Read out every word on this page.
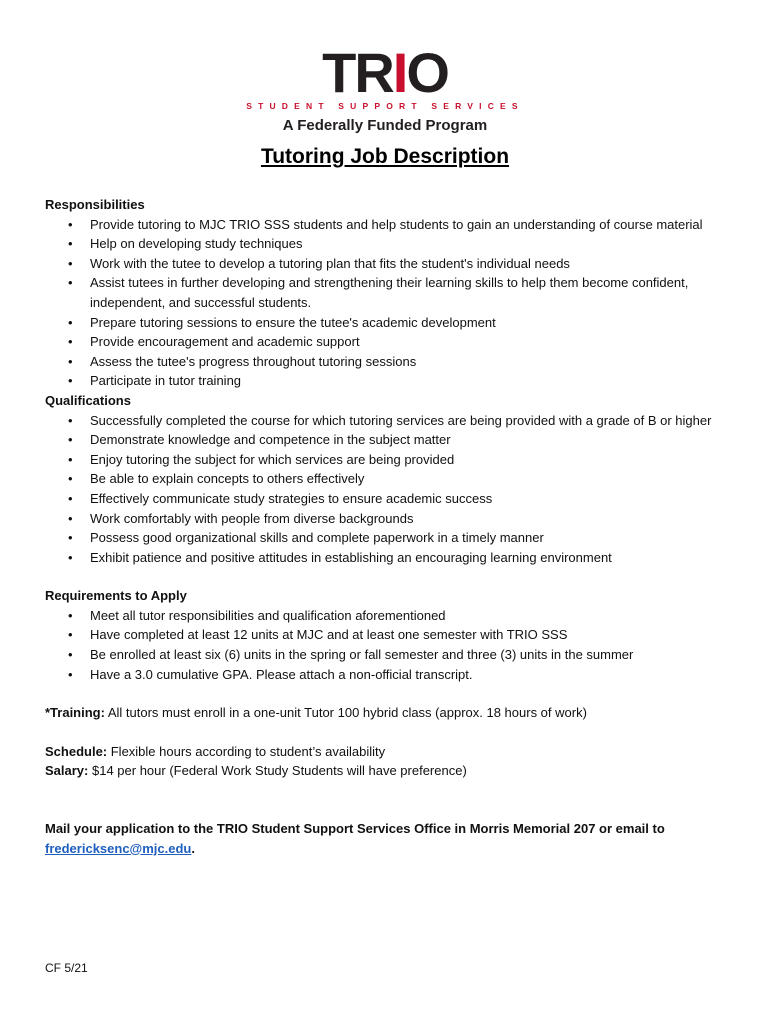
TRIO
STUDENT SUPPORT SERVICES
A Federally Funded Program
Tutoring Job Description
Responsibilities
• Provide tutoring to MJC TRIO SSS students and help students to gain an understanding of course material
• Help on developing study techniques
• Work with the tutee to develop a tutoring plan that fits the student's individual needs
• Assist tutees in further developing and strengthening their learning skills to help them become confident, independent, and successful students.
• Prepare tutoring sessions to ensure the tutee's academic development
• Provide encouragement and academic support
• Assess the tutee's progress throughout tutoring sessions
• Participate in tutor training
Qualifications
• Successfully completed the course for which tutoring services are being provided with a grade of B or higher
• Demonstrate knowledge and competence in the subject matter
• Enjoy tutoring the subject for which services are being provided
• Be able to explain concepts to others effectively
• Effectively communicate study strategies to ensure academic success
• Work comfortably with people from diverse backgrounds
• Possess good organizational skills and complete paperwork in a timely manner
• Exhibit patience and positive attitudes in establishing an encouraging learning environment
Requirements to Apply
• Meet all tutor responsibilities and qualification aforementioned
• Have completed at least 12 units at MJC and at least one semester with TRIO SSS
• Be enrolled at least six (6) units in the spring or fall semester and three (3) units in the summer
• Have a 3.0 cumulative GPA. Please attach a non-official transcript.

*Training: All tutors must enroll in a one-unit Tutor 100 hybrid class (approx. 18 hours of work)

Schedule: Flexible hours according to student’s availability

Salary: $14 per hour (Federal Work Study Students will have preference)

Mail your application to the TRIO Student Support Services Office in Morris Memorial 207 or email to fredericksenc@mjc.edu.

CF 5/21
